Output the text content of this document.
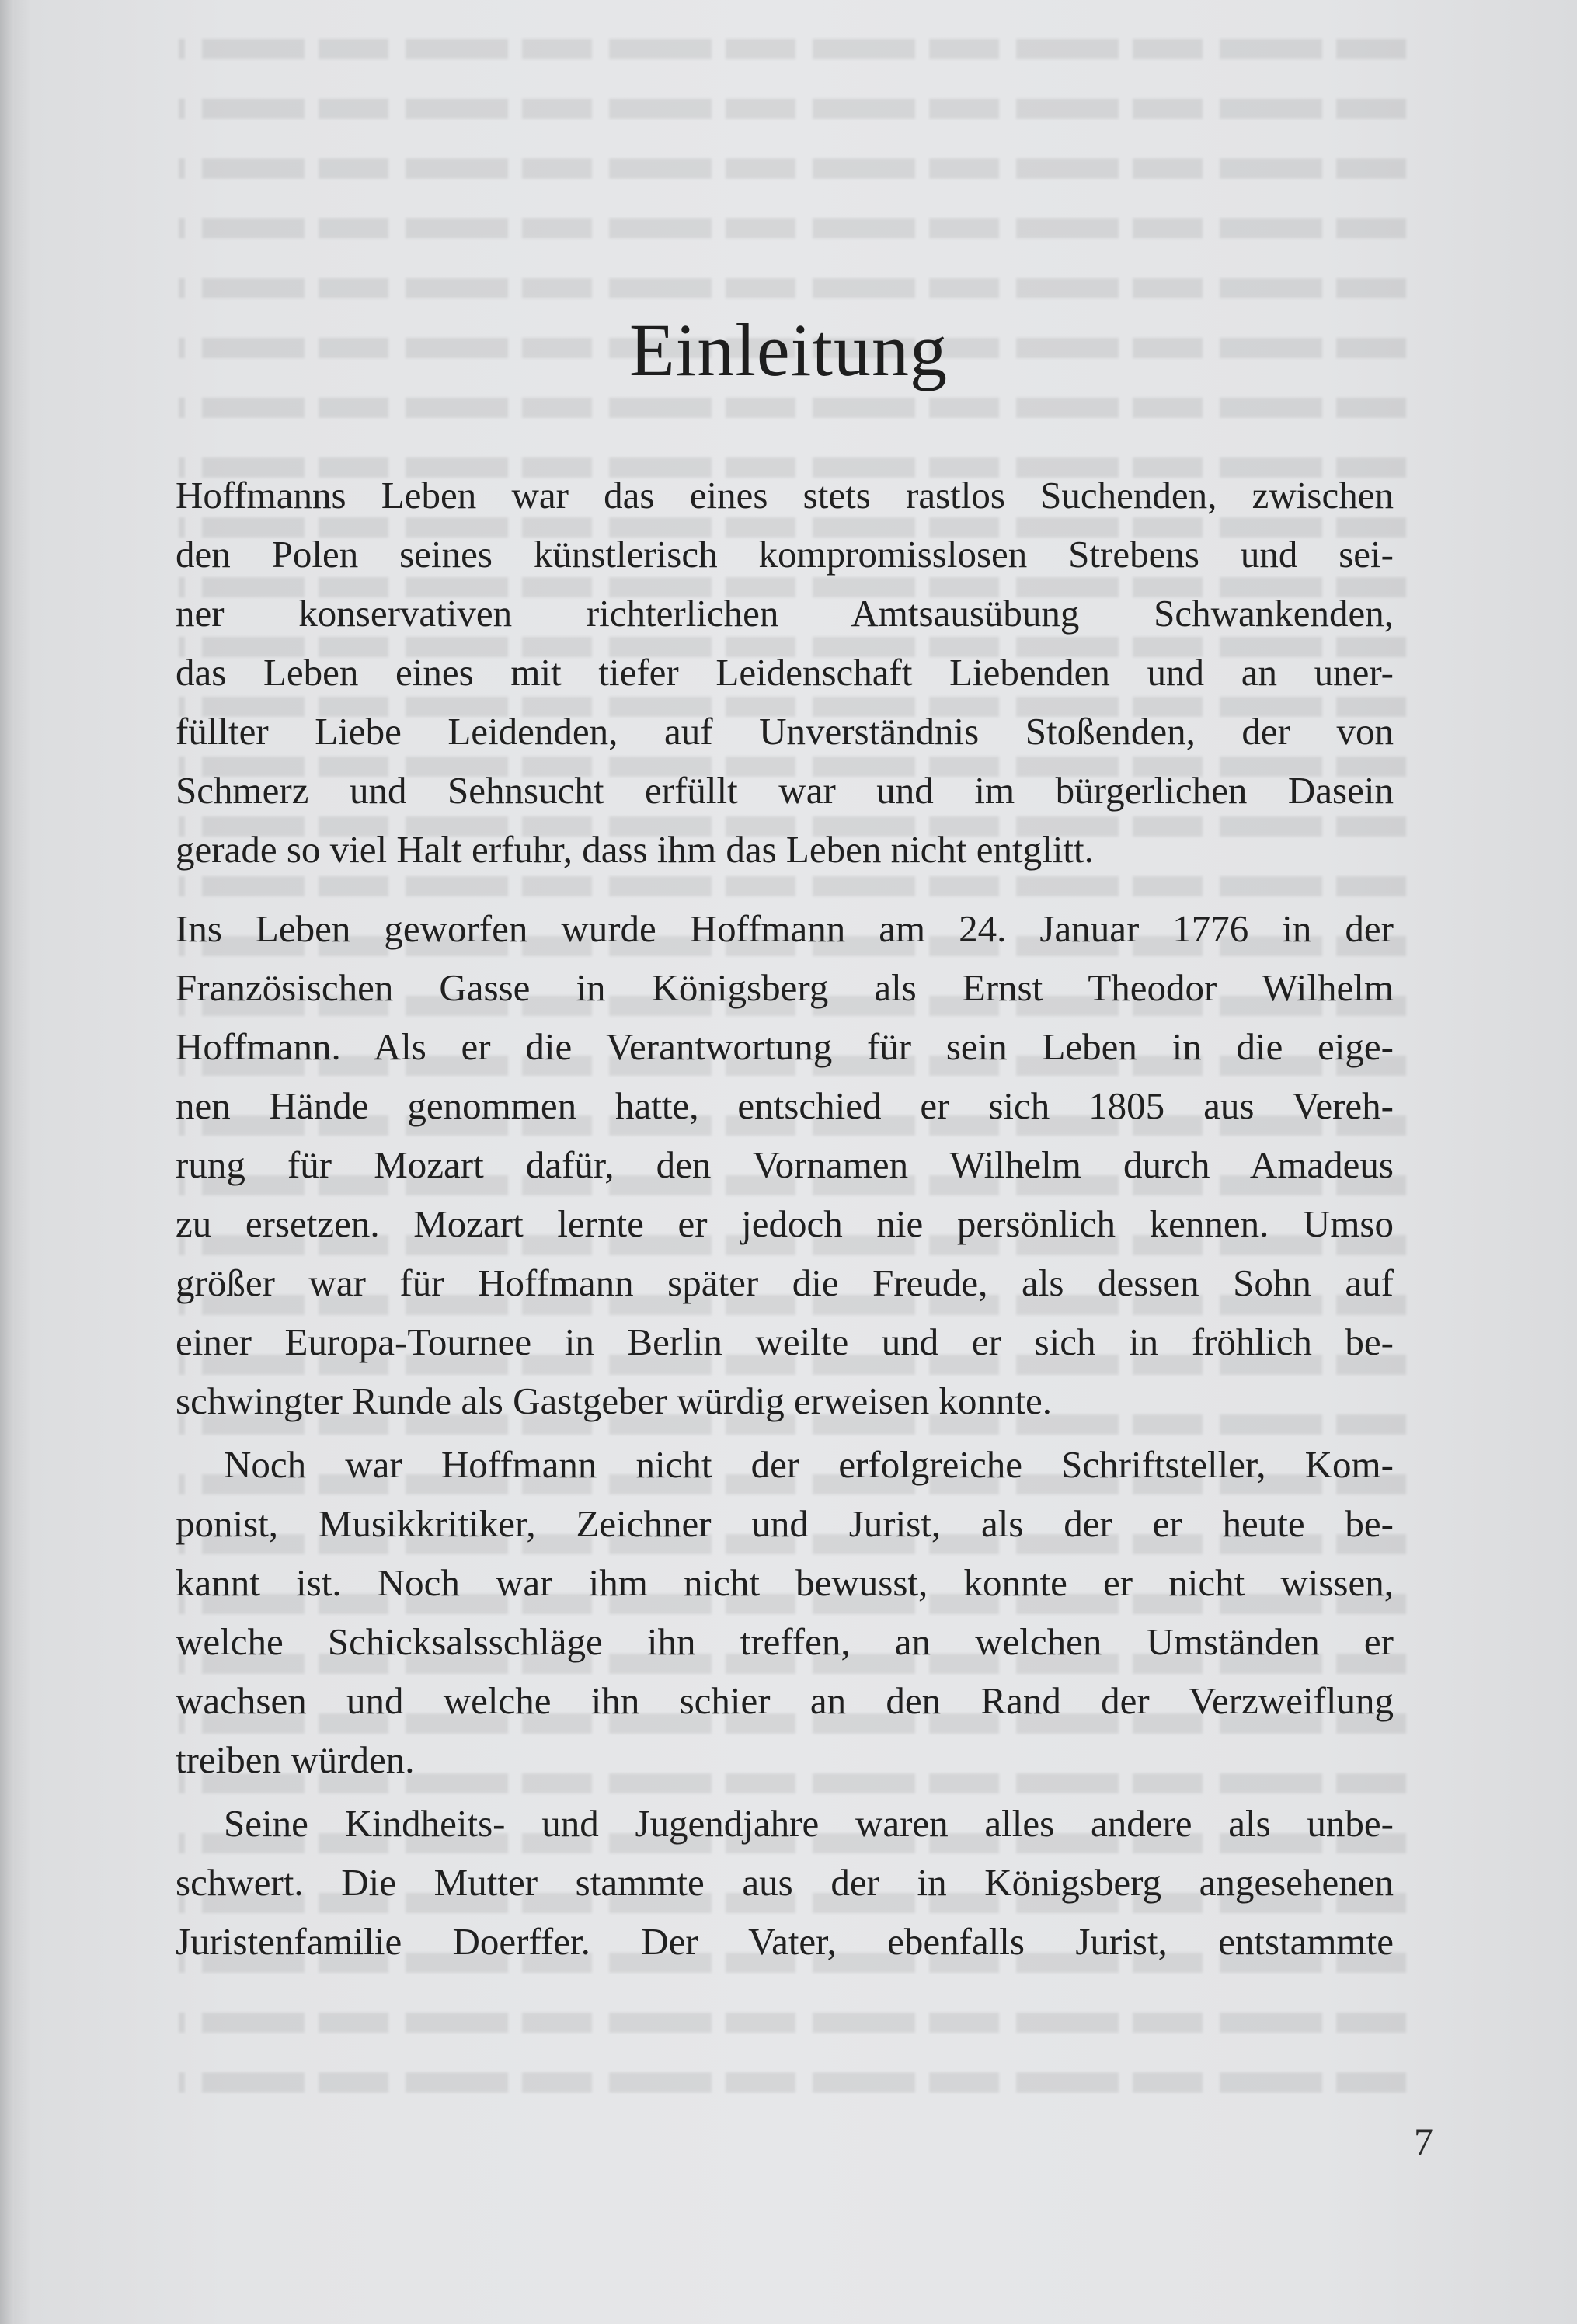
Einleitung
Hoffmanns Leben war das eines stets rastlos Suchenden, zwischen
den Polen seines künstlerisch kompromisslosen Strebens und sei-
ner konservativen richterlichen Amtsausübung Schwankenden,
das Leben eines mit tiefer Leidenschaft Liebenden und an uner-
füllter Liebe Leidenden, auf Unverständnis Stoßenden, der von
Schmerz und Sehnsucht erfüllt war und im bürgerlichen Dasein
gerade so viel Halt erfuhr, dass ihm das Leben nicht entglitt.
Ins Leben geworfen wurde Hoffmann am 24. Januar 1776 in der
Französischen Gasse in Königsberg als Ernst Theodor Wilhelm
Hoffmann. Als er die Verantwortung für sein Leben in die eige-
nen Hände genommen hatte, entschied er sich 1805 aus Vereh-
rung für Mozart dafür, den Vornamen Wilhelm durch Amadeus
zu ersetzen. Mozart lernte er jedoch nie persönlich kennen. Umso
größer war für Hoffmann später die Freude, als dessen Sohn auf
einer Europa-Tournee in Berlin weilte und er sich in fröhlich be-
schwingter Runde als Gastgeber würdig erweisen konnte.
Noch war Hoffmann nicht der erfolgreiche Schriftsteller, Kom-
ponist, Musikkritiker, Zeichner und Jurist, als der er heute be-
kannt ist. Noch war ihm nicht bewusst, konnte er nicht wissen,
welche Schicksalsschläge ihn treffen, an welchen Umständen er
wachsen und welche ihn schier an den Rand der Verzweiflung
treiben würden.
Seine Kindheits- und Jugendjahre waren alles andere als unbe-
schwert. Die Mutter stammte aus der in Königsberg angesehenen
Juristenfamilie Doerffer. Der Vater, ebenfalls Jurist, entstammte
7
